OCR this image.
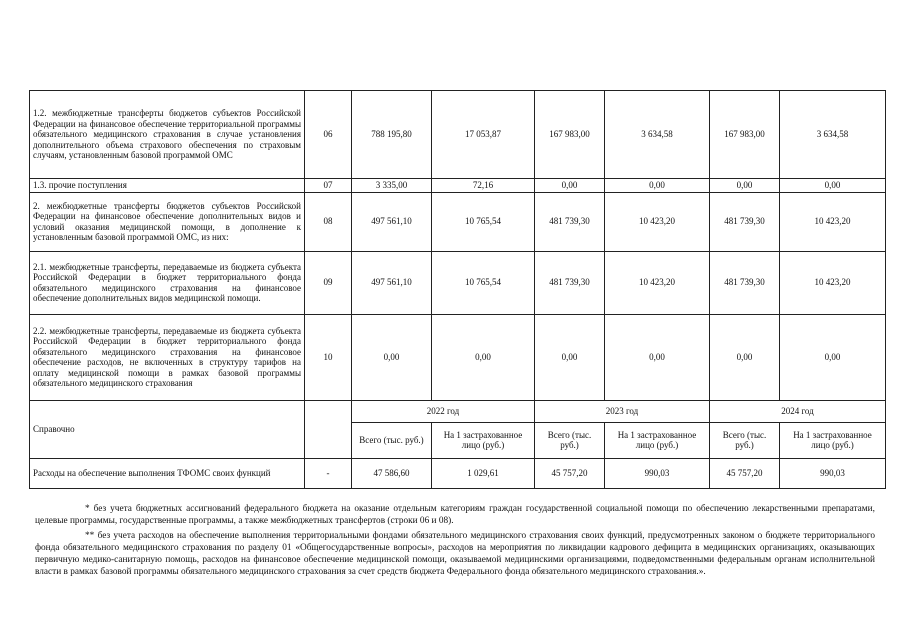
1.2. межбюджетные трансферты бюджетов субъектов Российской Федерации на финансовое обеспечение территориальной программы обязательного медицинского страхования в случае установления дополнительного объема страхового обеспечения по страховым случаям, установленным базовой программой ОМС	06	788 195,80	17 053,87	167 983,00	3 634,58	167 983,00	3 634,58
1.3. прочие поступления	07	3 335,00	72,16	0,00	0,00	0,00	0,00
2. межбюджетные трансферты бюджетов субъектов Российской Федерации на финансовое обеспечение дополнительных видов и условий оказания медицинской помощи, в дополнение к установленным базовой программой ОМС, из них:	08	497 561,10	10 765,54	481 739,30	10 423,20	481 739,30	10 423,20
2.1. межбюджетные трансферты, передаваемые из бюджета субъекта Российской Федерации в бюджет территориального фонда обязательного медицинского страхования на финансовое обеспечение дополнительных видов медицинской помощи.	09	497 561,10	10 765,54	481 739,30	10 423,20	481 739,30	10 423,20
2.2. межбюджетные трансферты, передаваемые из бюджета субъекта Российской Федерации в бюджет территориального фонда обязательного медицинского страхования на финансовое обеспечение расходов, не включенных в структуру тарифов на оплату медицинской помощи в рамках базовой программы обязательного медицинского страхования	10	0,00	0,00	0,00	0,00	0,00	0,00
Справочно		2022 год		2023 год		2024 год	
		Всего (тыс. руб.)	На 1 застрахованное лицо (руб.)	Всего (тыс. руб.)	На 1 застрахованное лицо (руб.)	Всего (тыс. руб.)	На 1 застрахованное лицо (руб.)
Расходы на обеспечение выполнения ТФОМС своих функций	-	47 586,60	1 029,61	45 757,20	990,03	45 757,20	990,03

* без учета бюджетных ассигнований федерального бюджета на оказание отдельным категориям граждан государственной социальной помощи по обеспечению лекарственными препаратами, целевые программы, государственные программы, а также межбюджетных трансфертов (строки 06 и 08).

** без учета расходов на обеспечение выполнения территориальными фондами обязательного медицинского страхования своих функций, предусмотренных законом о бюджете территориального фонда обязательного медицинского страхования по разделу 01 «Общегосударственные вопросы», расходов на мероприятия по ликвидации кадрового дефицита в медицинских организациях, оказывающих первичную медико-санитарную помощь, расходов на финансовое обеспечение медицинской помощи, оказываемой медицинскими организациями, подведомственными федеральным органам исполнительной власти в рамках базовой программы обязательного медицинского страхования за счет средств бюджета Федерального фонда обязательного медицинского страхования.».
